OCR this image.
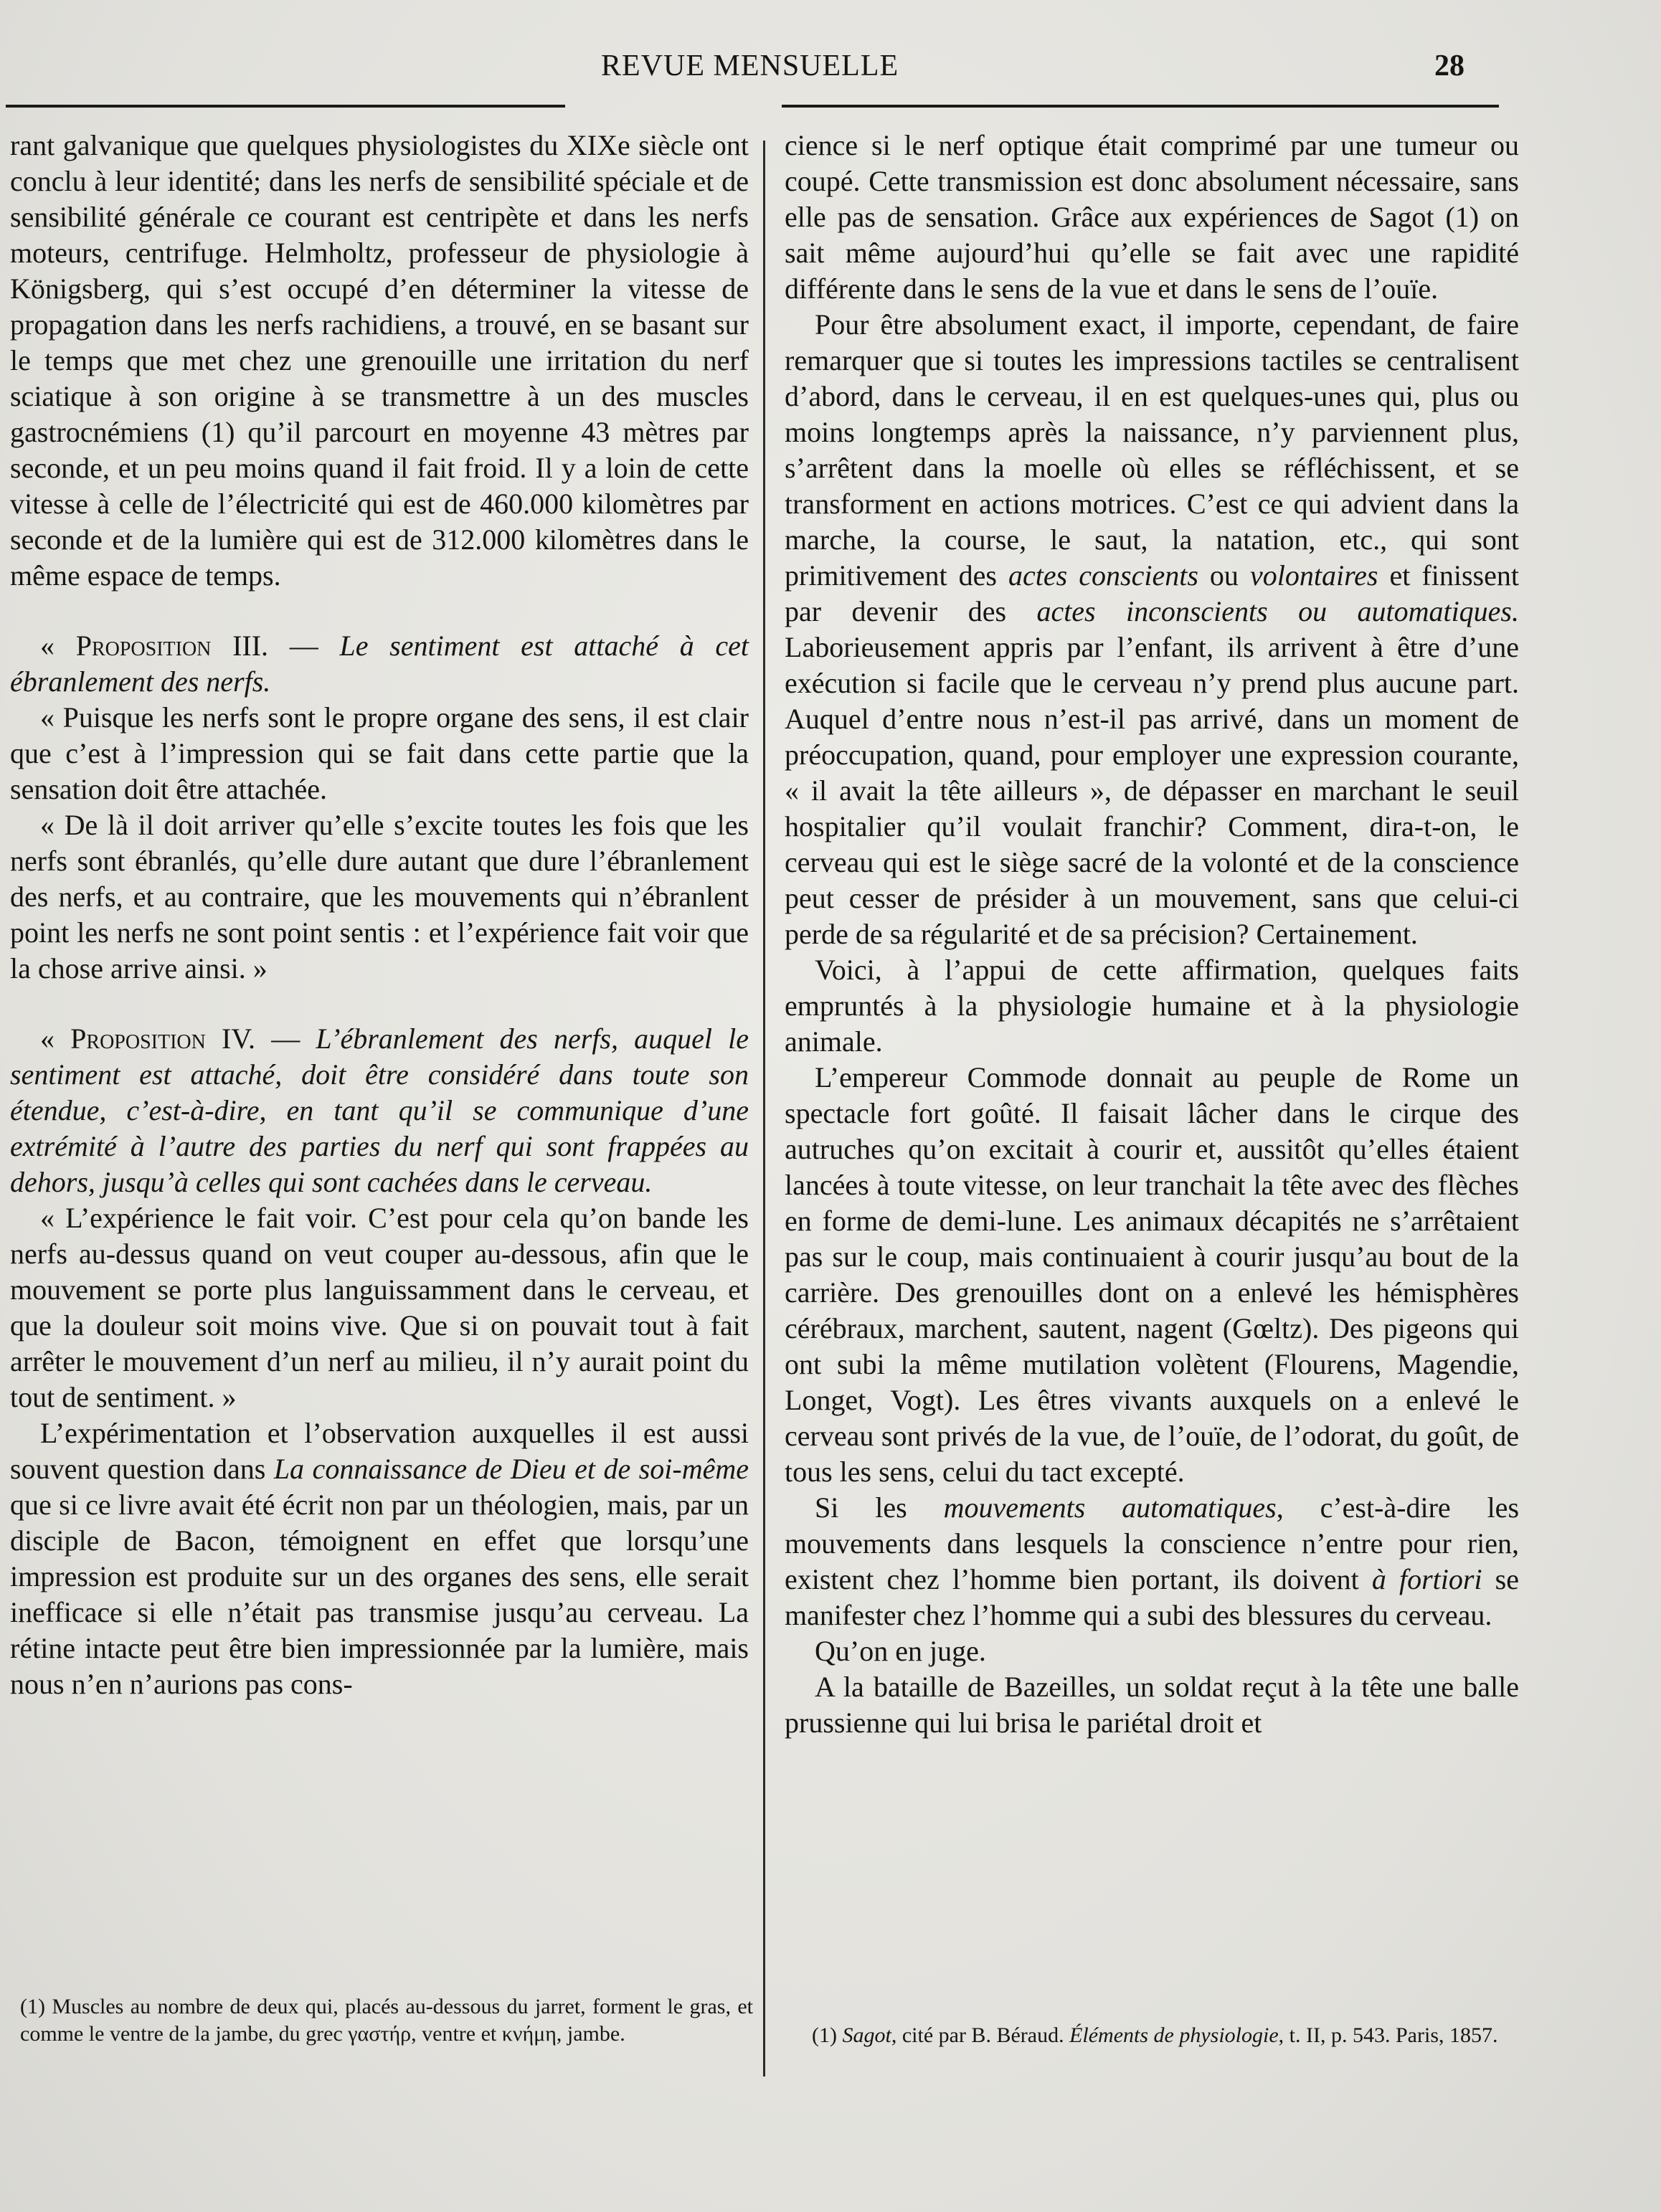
REVUE MENSUELLE	28

rant galvanique que quelques physiologistes du XIXe siècle ont conclu à leur identité; dans les nerfs de sensibilité spéciale et de sensibilité générale ce courant est centripète et dans les nerfs moteurs, centrifuge. Helmholtz, professeur de physiologie à Königsberg, qui s’est occupé d’en déterminer la vitesse de propagation dans les nerfs rachidiens, a trouvé, en se basant sur le temps que met chez une grenouille une irritation du nerf sciatique à son origine à se transmettre à un des muscles gastrocnémiens (1) qu’il parcourt en moyenne 43 mètres par seconde, et un peu moins quand il fait froid. Il y a loin de cette vitesse à celle de l’électricité qui est de 460.000 kilomètres par seconde et de la lumière qui est de 312.000 kilomètres dans le même espace de temps.

« Proposition III. — Le sentiment est attaché à cet ébranlement des nerfs.

« Puisque les nerfs sont le propre organe des sens, il est clair que c’est à l’impression qui se fait dans cette partie que la sensation doit être attachée.

« De là il doit arriver qu’elle s’excite toutes les fois que les nerfs sont ébranlés, qu’elle dure autant que dure l’ébranlement des nerfs, et au contraire, que les mouvements qui n’ébranlent point les nerfs ne sont point sentis : et l’expérience fait voir que la chose arrive ainsi. »

« Proposition IV. — L’ébranlement des nerfs, auquel le sentiment est attaché, doit être considéré dans toute son étendue, c’est-à-dire, en tant qu’il se communique d’une extrémité à l’autre des parties du nerf qui sont frappées au dehors, jusqu’à celles qui sont cachées dans le cerveau.

« L’expérience le fait voir. C’est pour cela qu’on bande les nerfs au-dessus quand on veut couper au-dessous, afin que le mouvement se porte plus languissamment dans le cerveau, et que la douleur soit moins vive. Que si on pouvait tout à fait arrêter le mouvement d’un nerf au milieu, il n’y aurait point du tout de sentiment. »

L’expérimentation et l’observation auxquelles il est aussi souvent question dans La connaissance de Dieu et de soi-même que si ce livre avait été écrit non par un théologien, mais, par un disciple de Bacon, témoignent en effet que lorsqu’une impression est produite sur un des organes des sens, elle serait inefficace si elle n’était pas transmise jusqu’au cerveau. La rétine intacte peut être bien impressionnée par la lumière, mais nous n’en n’aurions pas cons-

(1) Muscles au nombre de deux qui, placés au-dessous du jarret, forment le gras, et comme le ventre de la jambe, du grec γαστήρ, ventre et κνήμη, jambe.

cience si le nerf optique était comprimé par une tumeur ou coupé. Cette transmission est donc absolument nécessaire, sans elle pas de sensation. Grâce aux expériences de Sagot (1) on sait même aujourd’hui qu’elle se fait avec une rapidité différente dans le sens de la vue et dans le sens de l’ouïe.

Pour être absolument exact, il importe, cependant, de faire remarquer que si toutes les impressions tactiles se centralisent d’abord, dans le cerveau, il en est quelques-unes qui, plus ou moins longtemps après la naissance, n’y parviennent plus, s’arrêtent dans la moelle où elles se réfléchissent, et se transforment en actions motrices. C’est ce qui advient dans la marche, la course, le saut, la natation, etc., qui sont primitivement des actes conscients ou volontaires et finissent par devenir des actes inconscients ou automatiques. Laborieusement appris par l’enfant, ils arrivent à être d’une exécution si facile que le cerveau n’y prend plus aucune part. Auquel d’entre nous n’est-il pas arrivé, dans un moment de préoccupation, quand, pour employer une expression courante, « il avait la tête ailleurs », de dépasser en marchant le seuil hospitalier qu’il voulait franchir? Comment, dira-t-on, le cerveau qui est le siège sacré de la volonté et de la conscience peut cesser de présider à un mouvement, sans que celui-ci perde de sa régularité et de sa précision? Certainement.

Voici, à l’appui de cette affirmation, quelques faits empruntés à la physiologie humaine et à la physiologie animale.

L’empereur Commode donnait au peuple de Rome un spectacle fort goûté. Il faisait lâcher dans le cirque des autruches qu’on excitait à courir et, aussitôt qu’elles étaient lancées à toute vitesse, on leur tranchait la tête avec des flèches en forme de demi-lune. Les animaux décapités ne s’arrêtaient pas sur le coup, mais continuaient à courir jusqu’au bout de la carrière. Des grenouilles dont on a enlevé les hémisphères cérébraux, marchent, sautent, nagent (Gœltz). Des pigeons qui ont subi la même mutilation volètent (Flourens, Magendie, Longet, Vogt). Les êtres vivants auxquels on a enlevé le cerveau sont privés de la vue, de l’ouïe, de l’odorat, du goût, de tous les sens, celui du tact excepté.

Si les mouvements automatiques, c’est-à-dire les mouvements dans lesquels la conscience n’entre pour rien, existent chez l’homme bien portant, ils doivent à fortiori se manifester chez l’homme qui a subi des blessures du cerveau.

Qu’on en juge.

A la bataille de Bazeilles, un soldat reçut à la tête une balle prussienne qui lui brisa le pariétal droit et

(1) Sagot, cité par B. Béraud. Éléments de physiologie, t. II, p. 543. Paris, 1857.
